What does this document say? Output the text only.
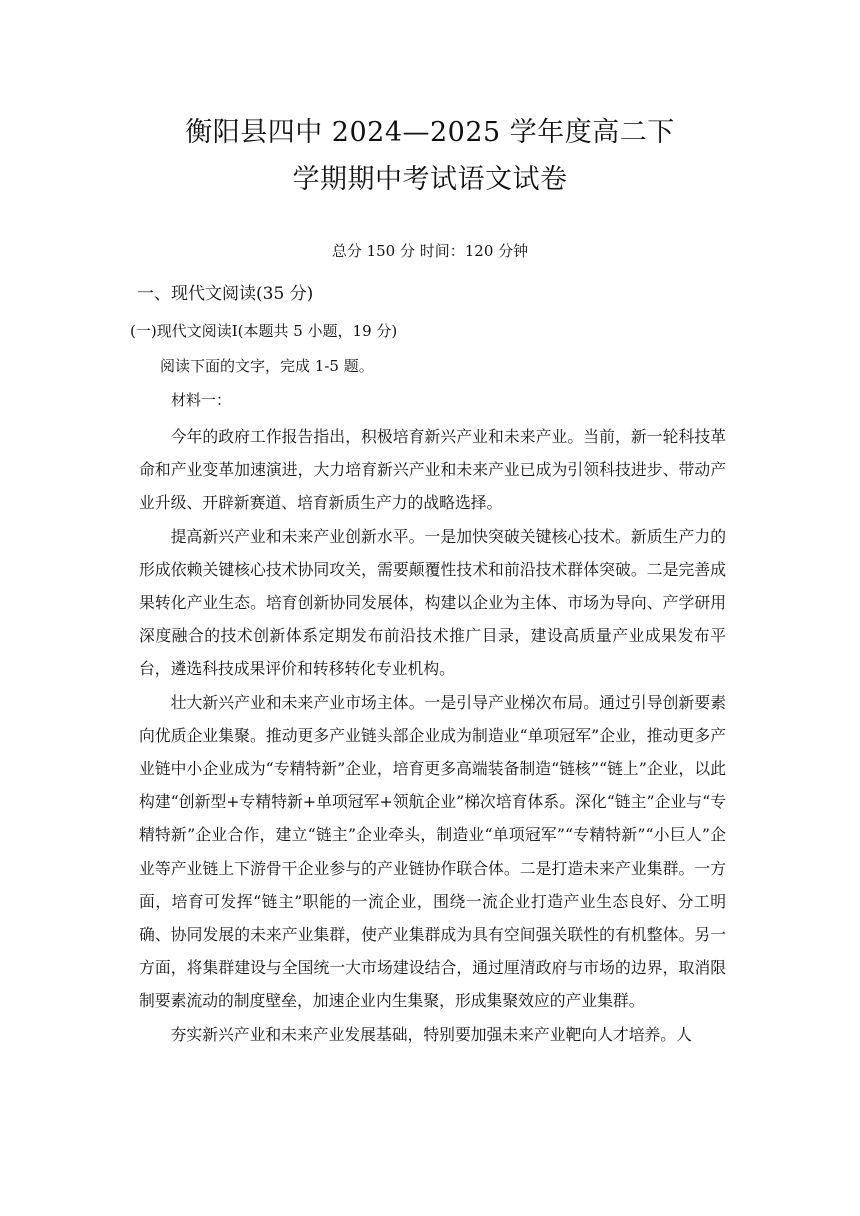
衡阳县四中 2024—2025 学年度高二下
学期期中考试语文试卷
总分 150 分 时间：120 分钟
一、现代文阅读(35 分)
(一)现代文阅读Ⅰ(本题共 5 小题，19 分)
阅读下面的文字，完成 1-5 题。
材料一：

今年的政府工作报告指出，积极培育新兴产业和未来产业。当前，新一轮科技革命和产业变革加速演进，大力培育新兴产业和未来产业已成为引领科技进步、带动产业升级、开辟新赛道、培育新质生产力的战略选择。

提高新兴产业和未来产业创新水平。一是加快突破关键核心技术。新质生产力的形成依赖关键核心技术协同攻关，需要颠覆性技术和前沿技术群体突破。二是完善成果转化产业生态。培育创新协同发展体，构建以企业为主体、市场为导向、产学研用深度融合的技术创新体系定期发布前沿技术推广目录，建设高质量产业成果发布平台，遴选科技成果评价和转移转化专业机构。

壮大新兴产业和未来产业市场主体。一是引导产业梯次布局。通过引导创新要素向优质企业集聚。推动更多产业链头部企业成为制造业“单项冠军”企业，推动更多产业链中小企业成为“专精特新”企业，培育更多高端装备制造“链核”“链上”企业，以此构建“创新型+专精特新+单项冠军+领航企业”梯次培育体系。深化“链主”企业与“专精特新”企业合作，建立“链主”企业牵头，制造业“单项冠军”“专精特新”“小巨人”企业等产业链上下游骨干企业参与的产业链协作联合体。二是打造未来产业集群。一方面，培育可发挥“链主”职能的一流企业，围绕一流企业打造产业生态良好、分工明确、协同发展的未来产业集群，使产业集群成为具有空间强关联性的有机整体。另一方面，将集群建设与全国统一大市场建设结合，通过厘清政府与市场的边界，取消限制要素流动的制度壁垒，加速企业内生集聚，形成集聚效应的产业集群。

夯实新兴产业和未来产业发展基础，特别要加强未来产业靶向人才培养。人
